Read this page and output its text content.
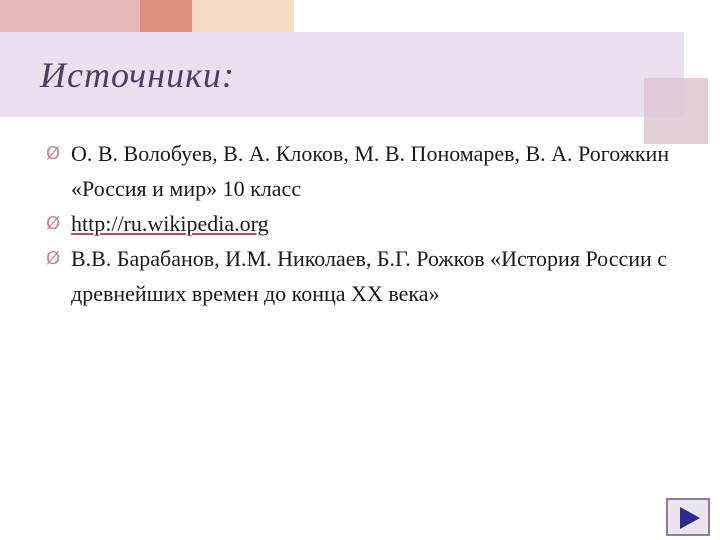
Источники:
Ø О. В. Волобуев, В. А. Клоков, М. В. Пономарев, В. А. Рогожкин «Россия и мир» 10 класс
Ø http://ru.wikipedia.org
Ø В.В. Барабанов, И.М. Николаев, Б.Г. Рожков «История России с древнейших времен до конца XX века»
